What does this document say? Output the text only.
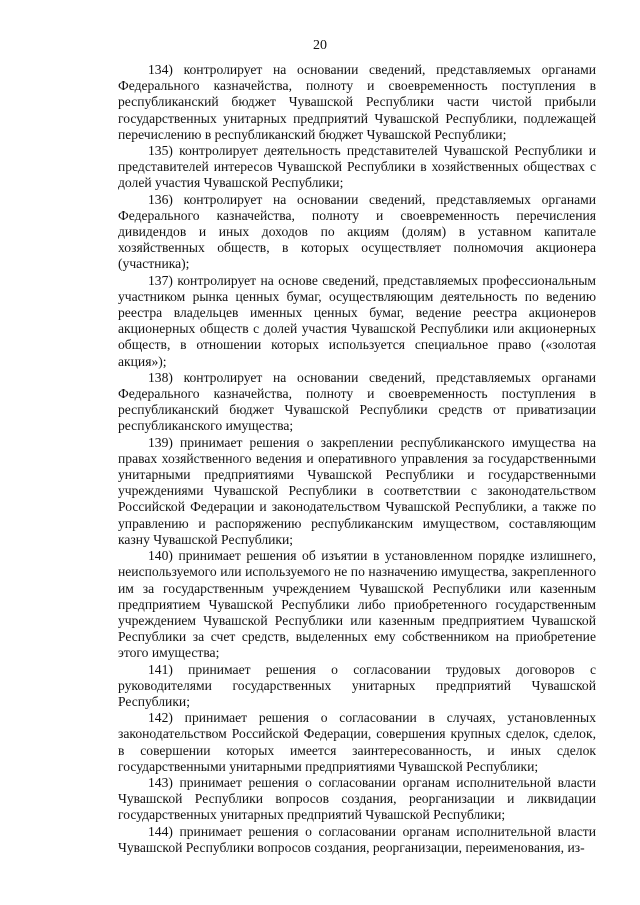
20

134) контролирует на основании сведений, представляемых органами Федерального казначейства, полноту и своевременность поступления в республиканский бюджет Чувашской Республики части чистой прибыли государственных унитарных предприятий Чувашской Республики, подлежащей перечислению в республиканский бюджет Чувашской Республики;

135) контролирует деятельность представителей Чувашской Республики и представителей интересов Чувашской Республики в хозяйственных обществах с долей участия Чувашской Республики;

136) контролирует на основании сведений, представляемых органами Федерального казначейства, полноту и своевременность перечисления дивидендов и иных доходов по акциям (долям) в уставном капитале хозяйственных обществ, в которых осуществляет полномочия акционера (участника);

137) контролирует на основе сведений, представляемых профессиональным участником рынка ценных бумаг, осуществляющим деятельность по ведению реестра владельцев именных ценных бумаг, ведение реестра акционеров акционерных обществ с долей участия Чувашской Республики или акционерных обществ, в отношении которых используется специальное право («золотая акция»);

138) контролирует на основании сведений, представляемых органами Федерального казначейства, полноту и своевременность поступления в республиканский бюджет Чувашской Республики средств от приватизации республиканского имущества;

139) принимает решения о закреплении республиканского имущества на правах хозяйственного ведения и оперативного управления за государственными унитарными предприятиями Чувашской Республики и государственными учреждениями Чувашской Республики в соответствии с законодательством Российской Федерации и законодательством Чувашской Республики, а также по управлению и распоряжению республиканским имуществом, составляющим казну Чувашской Республики;

140) принимает решения об изъятии в установленном порядке излишнего, неиспользуемого или используемого не по назначению имущества, закрепленного им за государственным учреждением Чувашской Республики или казенным предприятием Чувашской Республики либо приобретенного государственным учреждением Чувашской Республики или казенным предприятием Чувашской Республики за счет средств, выделенных ему собственником на приобретение этого имущества;

141) принимает решения о согласовании трудовых договоров с руководителями государственных унитарных предприятий Чувашской Республики;

142) принимает решения о согласовании в случаях, установленных законодательством Российской Федерации, совершения крупных сделок, сделок, в совершении которых имеется заинтересованность, и иных сделок государственными унитарными предприятиями Чувашской Республики;

143) принимает решения о согласовании органам исполнительной власти Чувашской Республики вопросов создания, реорганизации и ликвидации государственных унитарных предприятий Чувашской Республики;

144) принимает решения о согласовании органам исполнительной власти Чувашской Республики вопросов создания, реорганизации, переименования, из-
